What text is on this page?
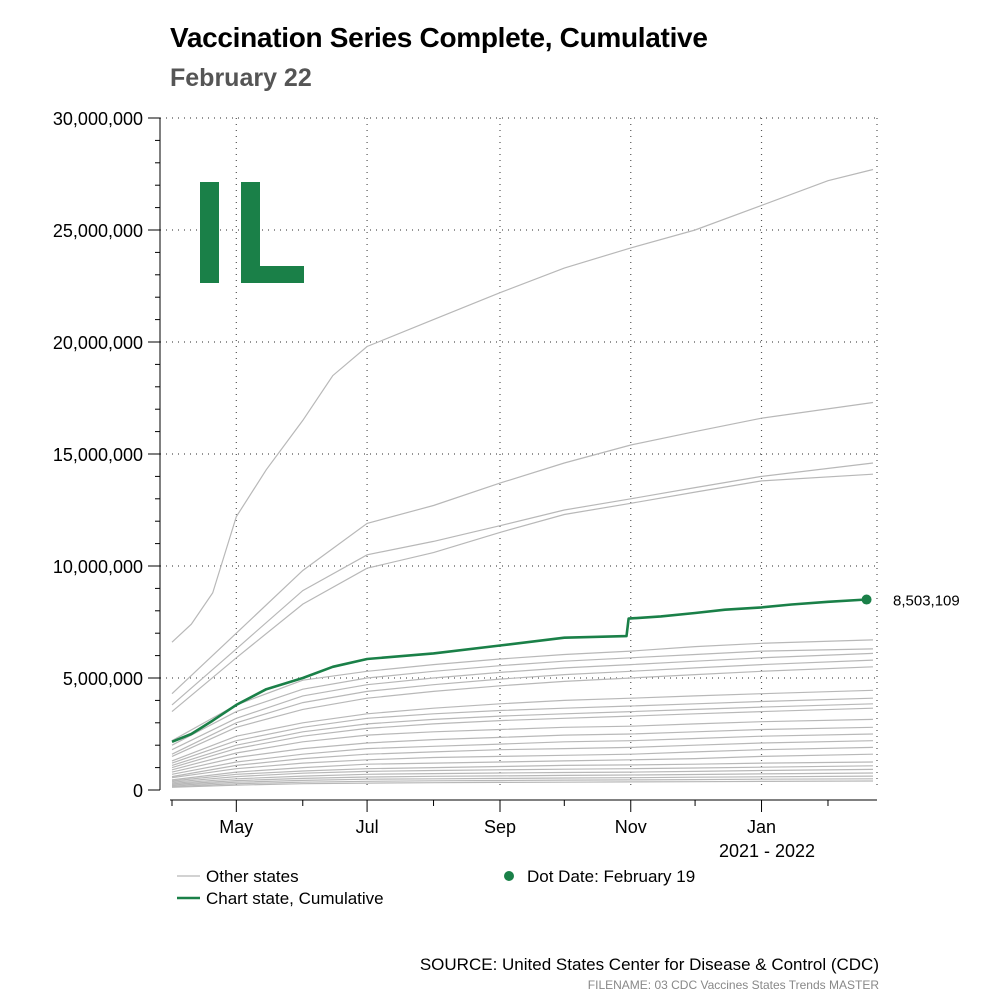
Vaccination Series Complete, Cumulative
February 22
0
5,000,000
10,000,000
15,000,000
20,000,000
25,000,000
30,000,000
May	Jul	Sep	Nov	Jan
2021 - 2022
8,503,109
Other states
Chart state, Cumulative
Dot Date: February 19
SOURCE: United States Center for Disease & Control (CDC)
FILENAME: 03 CDC Vaccines States Trends MASTER
